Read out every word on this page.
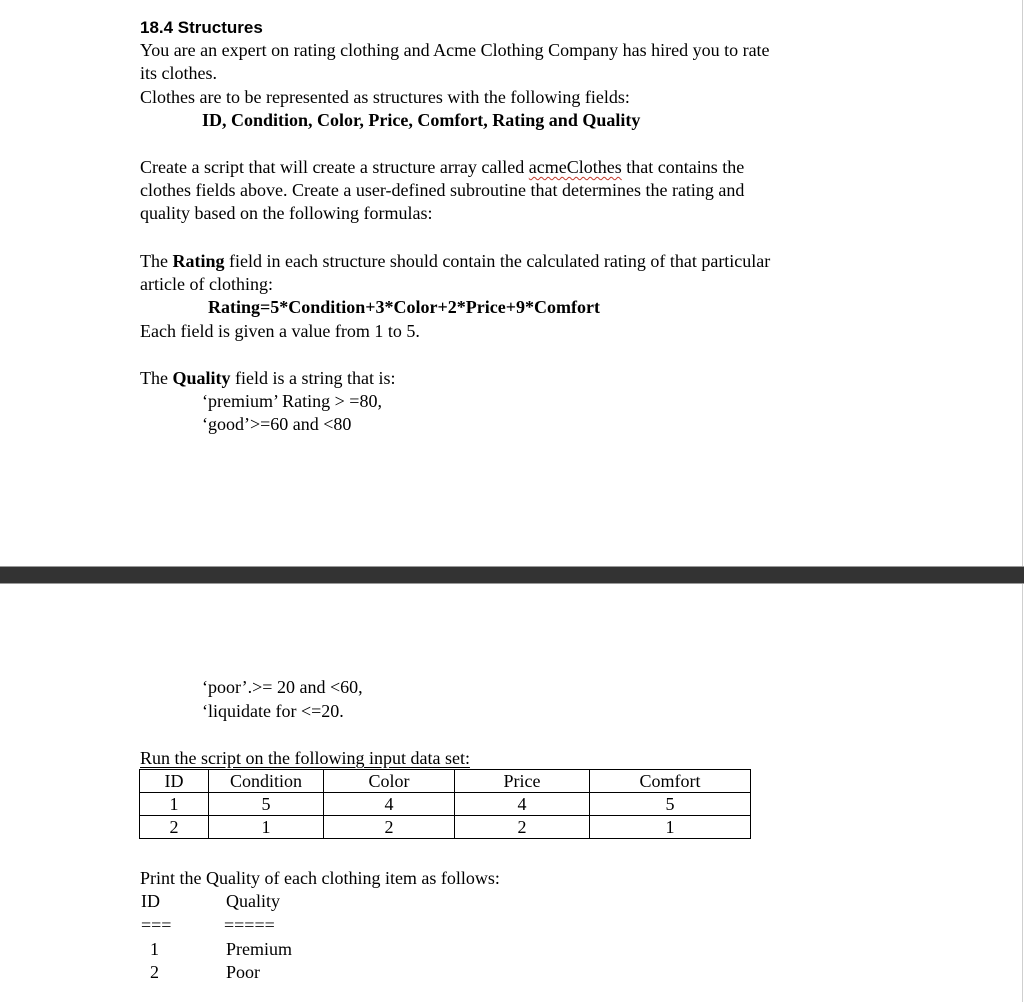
18.4 Structures
You are an expert on rating clothing and Acme Clothing Company has hired you to rate
its clothes.
Clothes are to be represented as structures with the following fields:
ID, Condition, Color, Price, Comfort, Rating and Quality
Create a script that will create a structure array called acmeClothes that contains the
clothes fields above. Create a user-defined subroutine that determines the rating and
quality based on the following formulas:
The Rating field in each structure should contain the calculated rating of that particular
article of clothing:
Rating=5*Condition+3*Color+2*Price+9*Comfort
Each field is given a value from 1 to 5.
The Quality field is a string that is:
‘premium’ Rating > =80,
‘good’>=60 and <80
‘poor’.>= 20 and <60,
‘liquidate for <=20.
Run the script on the following input data set:
ID	Condition	Color	Price	Comfort
1	5	4	4	5
2	1	2	2	1
Print the Quality of each clothing item as follows:
ID	Quality
===	=====
1	Premium
2	Poor
